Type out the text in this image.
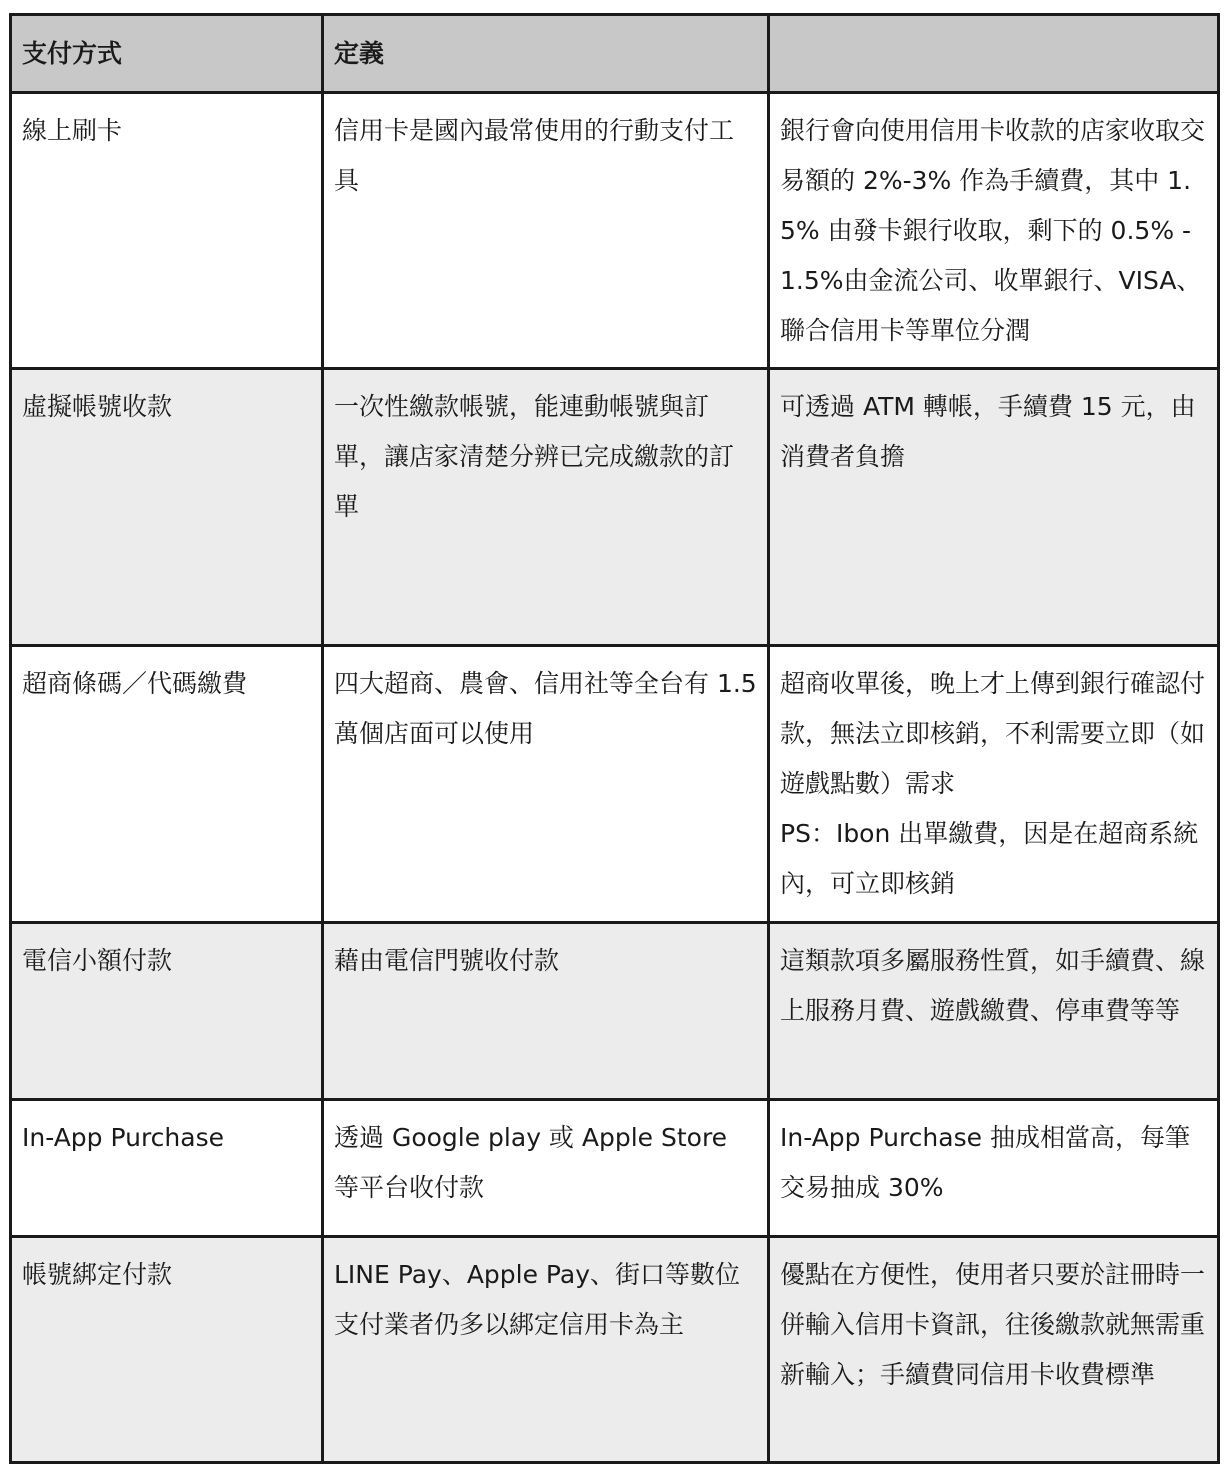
支付方式	定義	
線上刷卡	信用卡是國內最常使用的行動支付工具	銀行會向使用信用卡收款的店家收取交易額的 2%-3% 作為手續費，其中 1.5% 由發卡銀行收取，剩下的 0.5% -1.5%由金流公司、收單銀行、VISA、聯合信用卡等單位分潤
虛擬帳號收款	一次性繳款帳號，能連動帳號與訂單，讓店家清楚分辨已完成繳款的訂單	可透過 ATM 轉帳，手續費 15 元，由消費者負擔
超商條碼／代碼繳費	四大超商、農會、信用社等全台有 1.5 萬個店面可以使用	超商收單後，晚上才上傳到銀行確認付款，無法立即核銷，不利需要立即（如遊戲點數）需求
PS：Ibon 出單繳費，因是在超商系統內，可立即核銷
電信小額付款	藉由電信門號收付款	這類款項多屬服務性質，如手續費、線上服務月費、遊戲繳費、停車費等等
In-App Purchase	透過 Google play 或 Apple Store 等平台收付款	In-App Purchase 抽成相當高，每筆交易抽成 30%
帳號綁定付款	LINE Pay、Apple Pay、街口等數位支付業者仍多以綁定信用卡為主	優點在方便性，使用者只要於註冊時一併輸入信用卡資訊，往後繳款就無需重新輸入；手續費同信用卡收費標準
